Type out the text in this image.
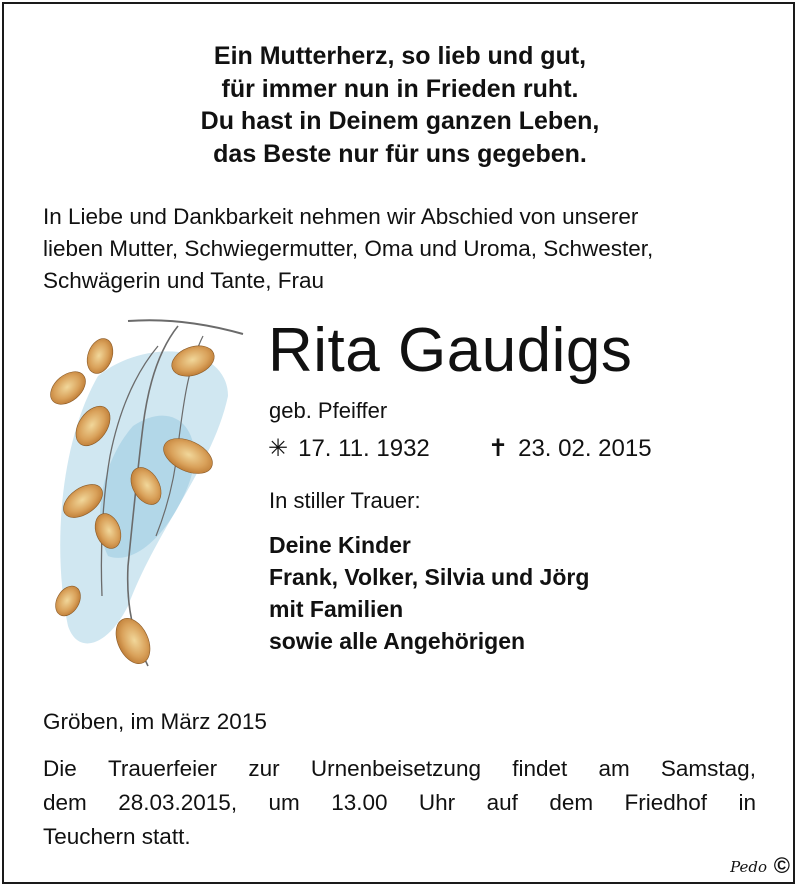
Ein Mutterherz, so lieb und gut,
für immer nun in Frieden ruht.
Du hast in Deinem ganzen Leben,
das Beste nur für uns gegeben.
In Liebe und Dankbarkeit nehmen wir Abschied von unserer
lieben Mutter, Schwiegermutter, Oma und Uroma, Schwester,
Schwägerin und Tante, Frau
Rita Gaudigs
geb. Pfeiffer
✳ 17. 11. 1932 ✝ 23. 02. 2015
In stiller Trauer:
Deine Kinder
Frank, Volker, Silvia und Jörg
mit Familien
sowie alle Angehörigen
Gröben, im März 2015
Die Trauerfeier zur Urnenbeisetzung findet am Samstag,
dem 28.03.2015, um 13.00 Uhr auf dem Friedhof in
Teuchern statt.
Pedo ©
